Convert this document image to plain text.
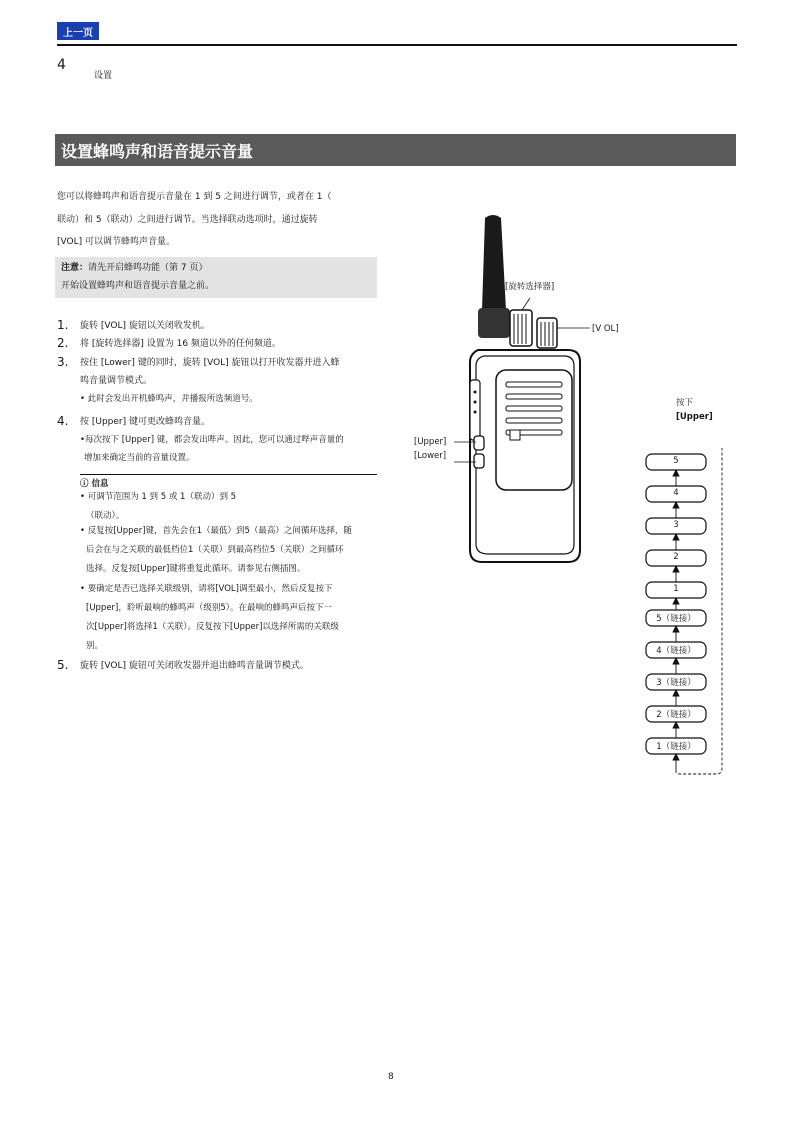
上一页
4
设置
设置蜂鸣声和语音提示音量
您可以将蜂鸣声和语音提示音量在 1 到 5 之间进行调节，或者在 1（
联动）和 5（联动）之间进行调节。当选择联动选项时，通过旋转
[VOL] 可以调节蜂鸣声音量。
注意：请先开启蜂鸣功能（第 7 页）
开始设置蜂鸣声和语音提示音量之前。
1. 旋转 [VOL] 旋钮以关闭收发机。
2. 将 [旋转选择器] 设置为 16 频道以外的任何频道。
3. 按住 [Lower] 键的同时，旋转 [VOL] 旋钮以打开收发器并进入蜂
鸣音量调节模式。
• 此时会发出开机蜂鸣声，并播报所选频道号。
4. 按 [Upper] 键可更改蜂鸣音量。
•每次按下 [Upper] 键，都会发出哔声。因此，您可以通过哔声音量的
增加来确定当前的音量设置。
ⓘ 信息
• 可调节范围为 1 到 5 或 1（联动）到 5
（联动）。
• 反复按[Upper]键，首先会在1（最低）到5（最高）之间循环选择，随
后会在与之关联的最低档位1（关联）到最高档位5（关联）之间循环
选择。反复按[Upper]键将重复此循环。请参见右侧插图。
• 要确定是否已选择关联级别，请将[VOL]调至最小，然后反复按下
[Upper]，聆听最响的蜂鸣声（级别5）。在最响的蜂鸣声后按下一
次[Upper]将选择1（关联）。反复按下[Upper]以选择所需的关联级
别。
5. 旋转 [VOL] 旋钮可关闭收发器并退出蜂鸣音量调节模式。
[旋转选择器]
[V OL]
[Upper]
[Lower]
按下
[Upper]
5
4
3
2
1
5（链接）
4（链接）
3（链接）
2（链接）
1（链接）
8
